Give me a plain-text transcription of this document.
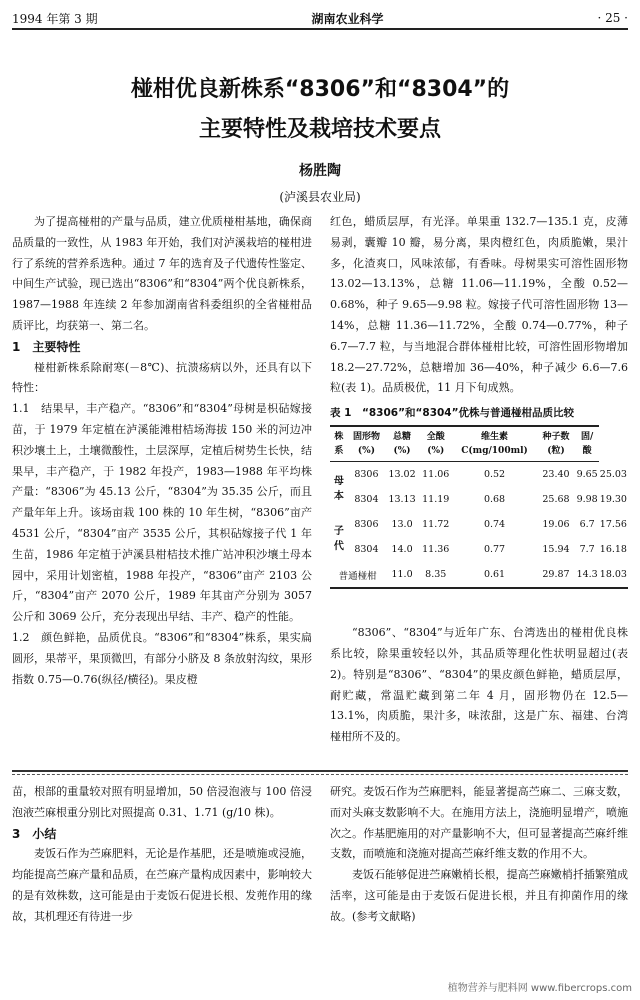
1994 年第 3 期	湖南农业科学	· 25 ·
椪柑优良新株系“8306”和“8304”的
主要特性及栽培技术要点
杨胜陶
(泸溪县农业局)

为了提高椪柑的产量与品质，建立优质椪柑基地，确保商品质量的一致性，从 1983 年开始，我们对泸溪栽培的椪柑进行了系统的营养系选种。通过 7 年的选育及子代遗传性鉴定、中间生产试验，现已选出“8306”和“8304”两个优良新株系，1987—1988 年连续 2 年参加湖南省科委组织的全省椪柑品质评比，均获第一、第二名。

1　主要特性

椪柑新株系除耐寒(－8℃)、抗溃疡病以外，还具有以下特性：

1.1　结果早，丰产稳产。“8306”和“8304”母树是枳砧嫁接苗，于 1979 年定植在泸溪能滩柑桔场海拔 150 米的河边冲积沙壤土上，土壤微酸性，土层深厚，定植后树势生长快，结果早，丰产稳产，于 1982 年投产，1983—1988 年平均株产量：“8306”为 45.13 公斤，“8304”为 35.35 公斤，而且产量年年上升。该场亩栽 100 株的 10 年生树，“8306”亩产 4531 公斤，“8304”亩产 3535 公斤，其枳砧嫁接子代 1 年生苗，1986 年定植于泸溪县柑桔技术推广站冲积沙壤土母本园中，采用计划密植，1988 年投产，“8306”亩产 2103 公斤，“8304”亩产 2070 公斤，1989 年其亩产分别为 3057 公斤和 3069 公斤，充分表现出早结、丰产、稳产的性能。

1.2　颜色鲜艳，品质优良。“8306”和“8304”株系，果实扁圆形，果蒂平，果顶微凹，有部分小脐及 8 条放射沟纹，果形指数 0.75—0.76(纵径/横径)。果皮橙

红色，蜡质层厚，有光泽。单果重 132.7—135.1 克，皮薄易剥，囊瓣 10 瓣，易分离，果肉橙红色，肉质脆嫩，果汁多，化渣爽口，风味浓郁，有香味。母树果实可溶性固形物 13.02—13.13%，总糖 11.06—11.19%，全酸 0.52—0.68%，种子 9.65—9.98 粒。嫁接子代可溶性固形物 13—14%，总糖 11.36—11.72%，全酸 0.74—0.77%，种子 6.7—7.7 粒，与当地混合群体椪柑比较，可溶性固形物增加 18.2—27.72%，总糖增加 36—40%，种子减少 6.6—7.6 粒(表 1)。品质极优，11 月下旬成熟。

表 1　“8306”和“8304”优株与普通椪柑品质比较
株系	固形物(%)	总糖(%)	全酸(%)	维生素C(mg/100ml)	种子数(粒)	固/酸	
母本	8306	13.02	11.06	0.52	23.40	9.65	25.03
	8304	13.13	11.19	0.68	25.68	9.98	19.30
子代	8306	13.0	11.72	0.74	19.06	6.7	17.56
	8304	14.0	11.36	0.77	15.94	7.7	16.18
普通椪柑		11.0	8.35	0.61	29.87	14.3	18.03

“8306”、“8304”与近年广东、台湾选出的椪柑优良株系比较，除果重较轻以外，其品质等理化性状明显超过(表 2)。特别是“8306”、“8304”的果皮颜色鲜艳，蜡质层厚，耐贮藏，常温贮藏到第二年 4 月，固形物仍在 12.5—13.1%，肉质脆，果汁多，味浓甜，这是广东、福建、台湾椪柑所不及的。

苗，根部的重量较对照有明显增加，50 倍浸泡液与 100 倍浸泡液苎麻根重分别比对照提高 0.31、1.71 (g/10 株)。

3　小结

麦饭石作为苎麻肥料，无论是作基肥，还是喷施或浸施，均能提高苎麻产量和品质，在苎麻产量构成因素中，影响较大的是有效株数，这可能是由于麦饭石促进长根、发蔸作用的缘故，其机理还有待进一步

研究。麦饭石作为苎麻肥料，能显著提高苎麻二、三麻支数，而对头麻支数影响不大。在施用方法上，浇施明显增产，喷施次之。作基肥施用的对产量影响不大，但可显著提高苎麻纤维支数，而喷施和浇施对提高苎麻纤维支数的作用不大。

麦饭石能够促进苎麻嫩梢长根，提高苎麻嫩梢扦插繁殖成活率，这可能是由于麦饭石促进长根，并且有抑菌作用的缘故。(参考文献略)

植物营养与肥料网 www.fibercrops.com
